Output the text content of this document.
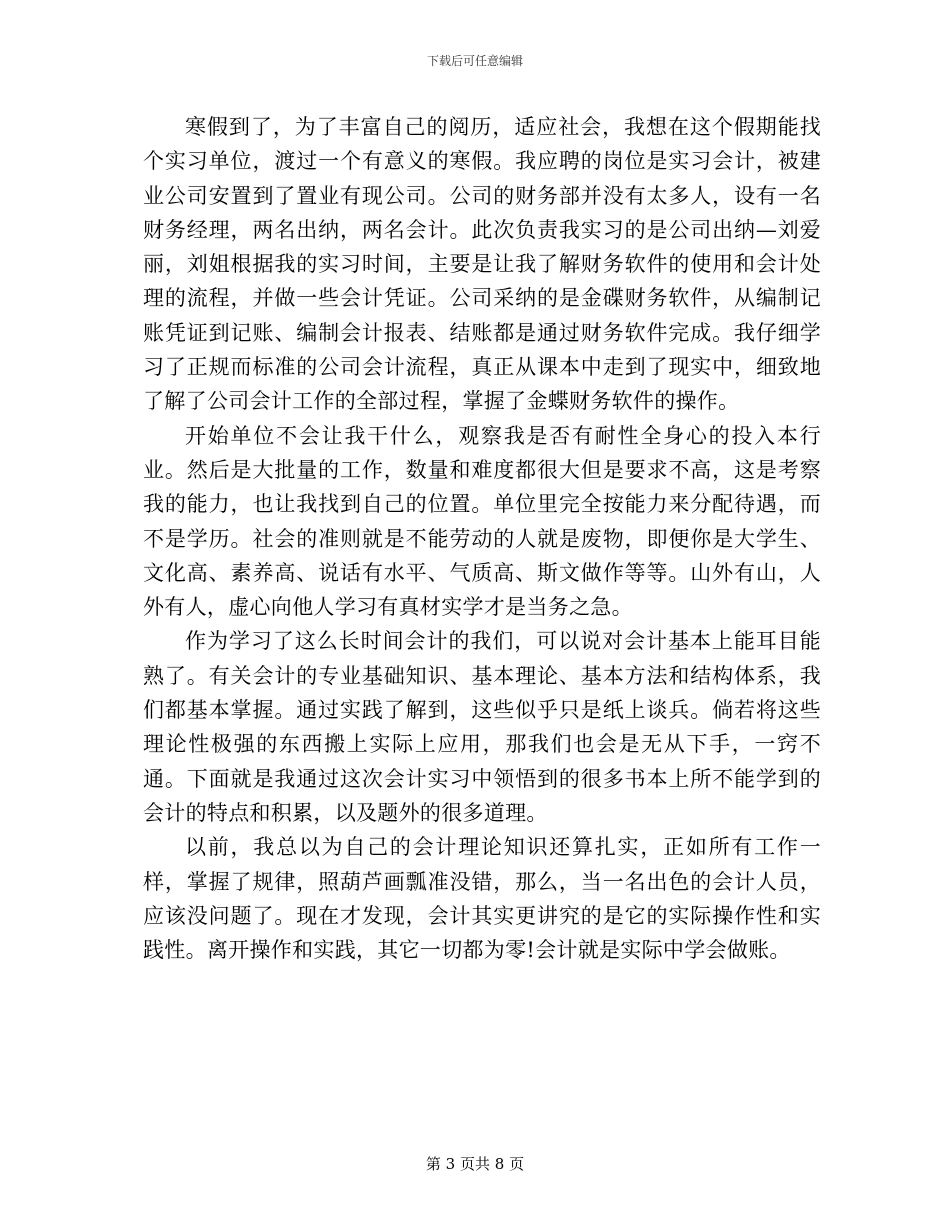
下载后可任意编辑

寒假到了，为了丰富自己的阅历，适应社会，我想在这个假期能找个实习单位，渡过一个有意义的寒假。我应聘的岗位是实习会计，被建业公司安置到了置业有现公司。公司的财务部并没有太多人，设有一名财务经理，两名出纳，两名会计。此次负责我实习的是公司出纳—刘爱丽，刘姐根据我的实习时间，主要是让我了解财务软件的使用和会计处理的流程，并做一些会计凭证。公司采纳的是金碟财务软件，从编制记账凭证到记账、编制会计报表、结账都是通过财务软件完成。我仔细学习了正规而标准的公司会计流程，真正从课本中走到了现实中，细致地了解了公司会计工作的全部过程，掌握了金蝶财务软件的操作。

开始单位不会让我干什么，观察我是否有耐性全身心的投入本行业。然后是大批量的工作，数量和难度都很大但是要求不高，这是考察我的能力，也让我找到自己的位置。单位里完全按能力来分配待遇，而不是学历。社会的准则就是不能劳动的人就是废物，即便你是大学生、文化高、素养高、说话有水平、气质高、斯文做作等等。山外有山，人外有人，虚心向他人学习有真材实学才是当务之急。

作为学习了这么长时间会计的我们，可以说对会计基本上能耳目能熟了。有关会计的专业基础知识、基本理论、基本方法和结构体系，我们都基本掌握。通过实践了解到，这些似乎只是纸上谈兵。倘若将这些理论性极强的东西搬上实际上应用，那我们也会是无从下手，一窍不通。下面就是我通过这次会计实习中领悟到的很多书本上所不能学到的会计的特点和积累，以及题外的很多道理。

以前，我总以为自己的会计理论知识还算扎实，正如所有工作一样，掌握了规律，照葫芦画瓢准没错，那么，当一名出色的会计人员，应该没问题了。现在才发现，会计其实更讲究的是它的实际操作性和实践性。离开操作和实践，其它一切都为零!会计就是实际中学会做账。

第 3 页共 8 页
